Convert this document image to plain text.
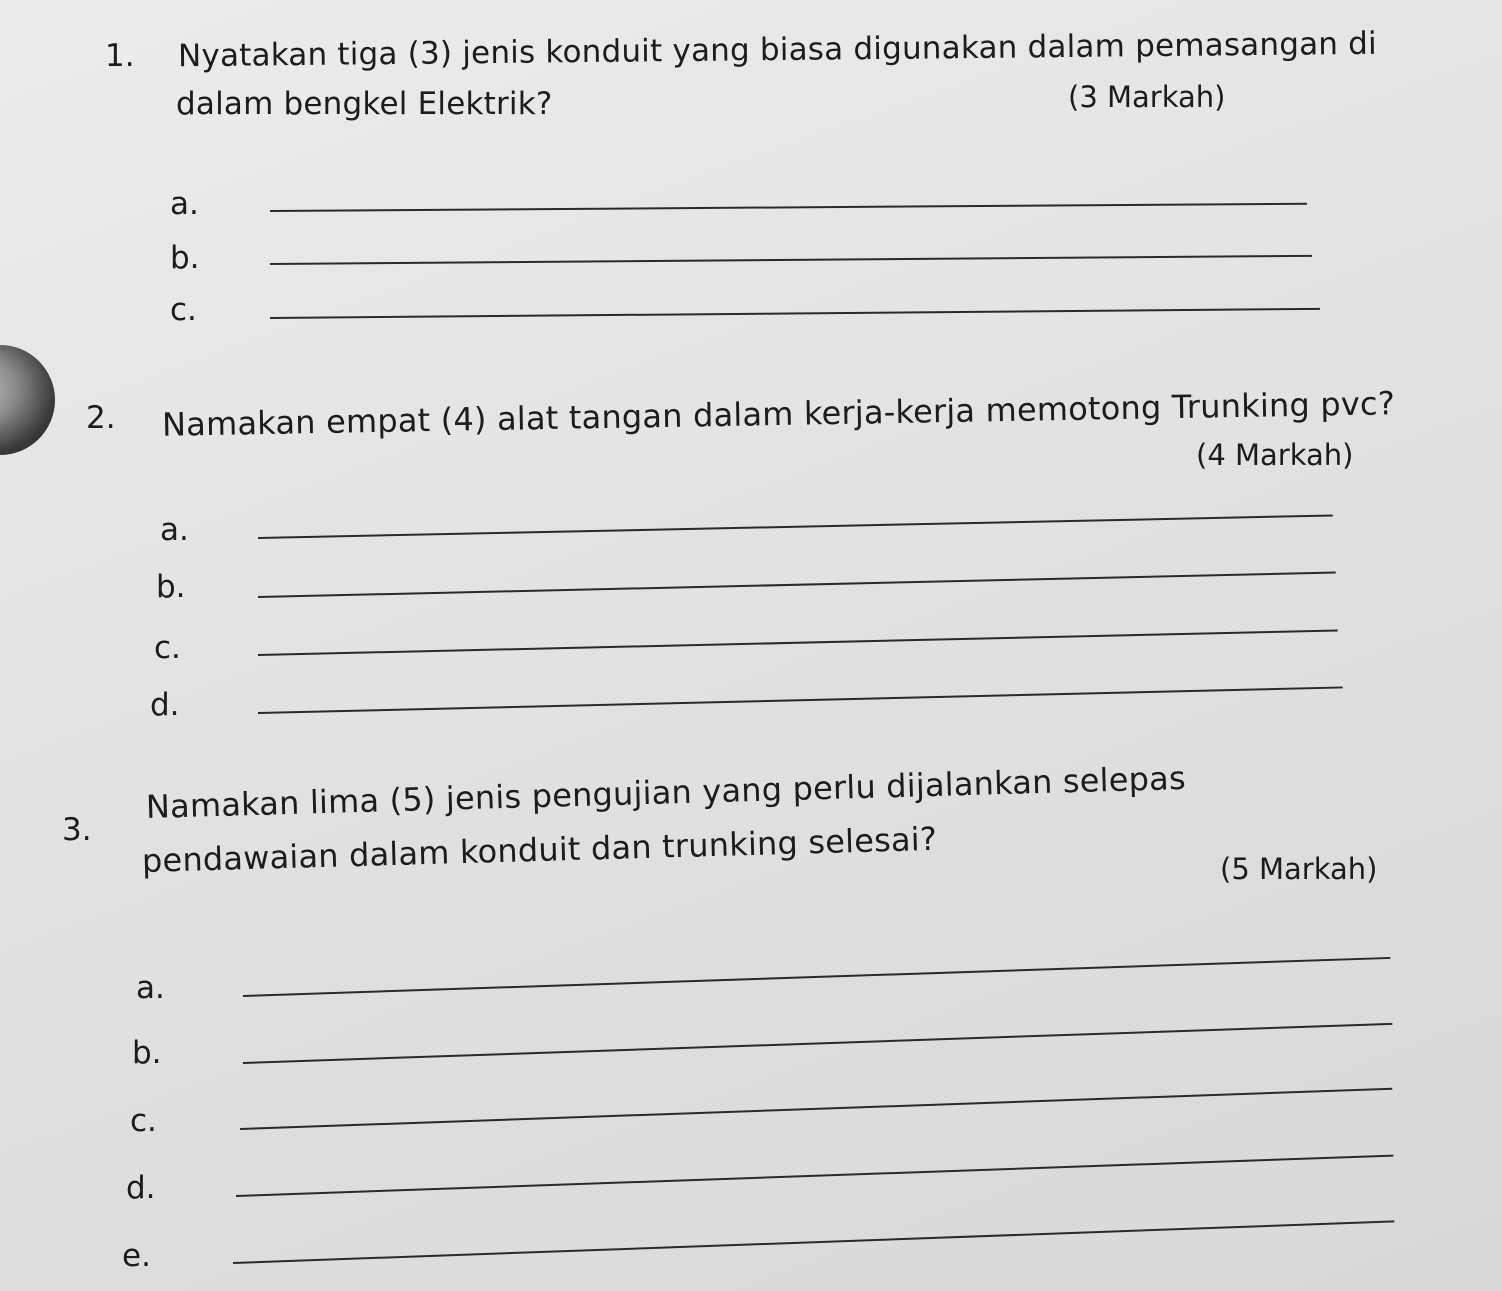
1. Nyatakan tiga (3) jenis konduit yang biasa digunakan dalam pemasangan di
dalam bengkel Elektrik?	(3 Markah)
a.
b.
c.
2. Namakan empat (4) alat tangan dalam kerja-kerja memotong Trunking pvc?
(4 Markah)
a.
b.
c.
d.
3.
Namakan lima (5) jenis pengujian yang perlu dijalankan selepas
pendawaian dalam konduit dan trunking selesai?	(5 Markah)
a.
b.
c.
d.
e.
